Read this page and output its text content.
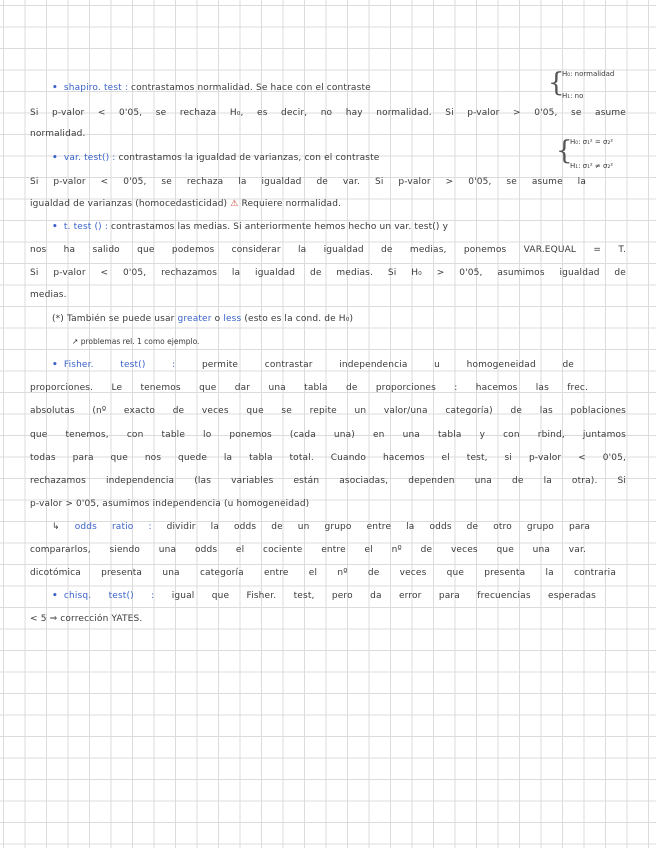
• shapiro. test : contrastamos normalidad. Se hace con el contraste	{
H₀: normalidad
H₁: no
Si p-valor < 0'05, se rechaza H₀, es decir, no hay normalidad. Si p-valor > 0'05, se asume
normalidad.
• var. test() : contrastamos la igualdad de varianzas, con el contraste	{
H₀: σ₁² = σ₂²
H₁: σ₁² ≠ σ₂²
Si p-valor < 0'05, se rechaza la igualdad de var. Si p-valor > 0'05, se asume la
igualdad de varianzas (homocedasticidad) ⚠ Requiere normalidad.
• t. test () : contrastamos las medias. Si anteriormente hemos hecho un var. test() y
nos ha salido que podemos considerar la igualdad de medias, ponemos VAR.EQUAL = T.
Si p-valor < 0'05, rechazamos la igualdad de medias. Si H₀ > 0'05, asumimos igualdad de
medias.
(*) También se puede usar greater o less (esto es la cond. de H₀)
↗ problemas rel. 1 como ejemplo.
• Fisher. test() :	permite contrastar independencia u homogeneidad de
proporciones. Le tenemos que dar una tabla de proporciones : hacemos las frec.
absolutas (nº exacto de veces que se repite un valor/una categoría) de las poblaciones
que tenemos, con table lo ponemos (cada una) en una tabla y con rbind, juntamos
todas para que nos quede la tabla total. Cuando hacemos el test, si p-valor < 0'05,
rechazamos independencia (las variables están asociadas, dependen una de la otra). Si
p-valor > 0'05, asumimos independencia (u homogeneidad)
↳ odds ratio : dividir la odds de un grupo entre la odds de otro grupo para
compararlos, siendo una odds el cociente entre el nº de veces que una var.
dicotómica presenta una categoría entre el nº de veces que presenta la contraria
• chisq. test() : igual que Fisher. test, pero da error para frecuencias esperadas
< 5 ⇒ corrección YATES.
